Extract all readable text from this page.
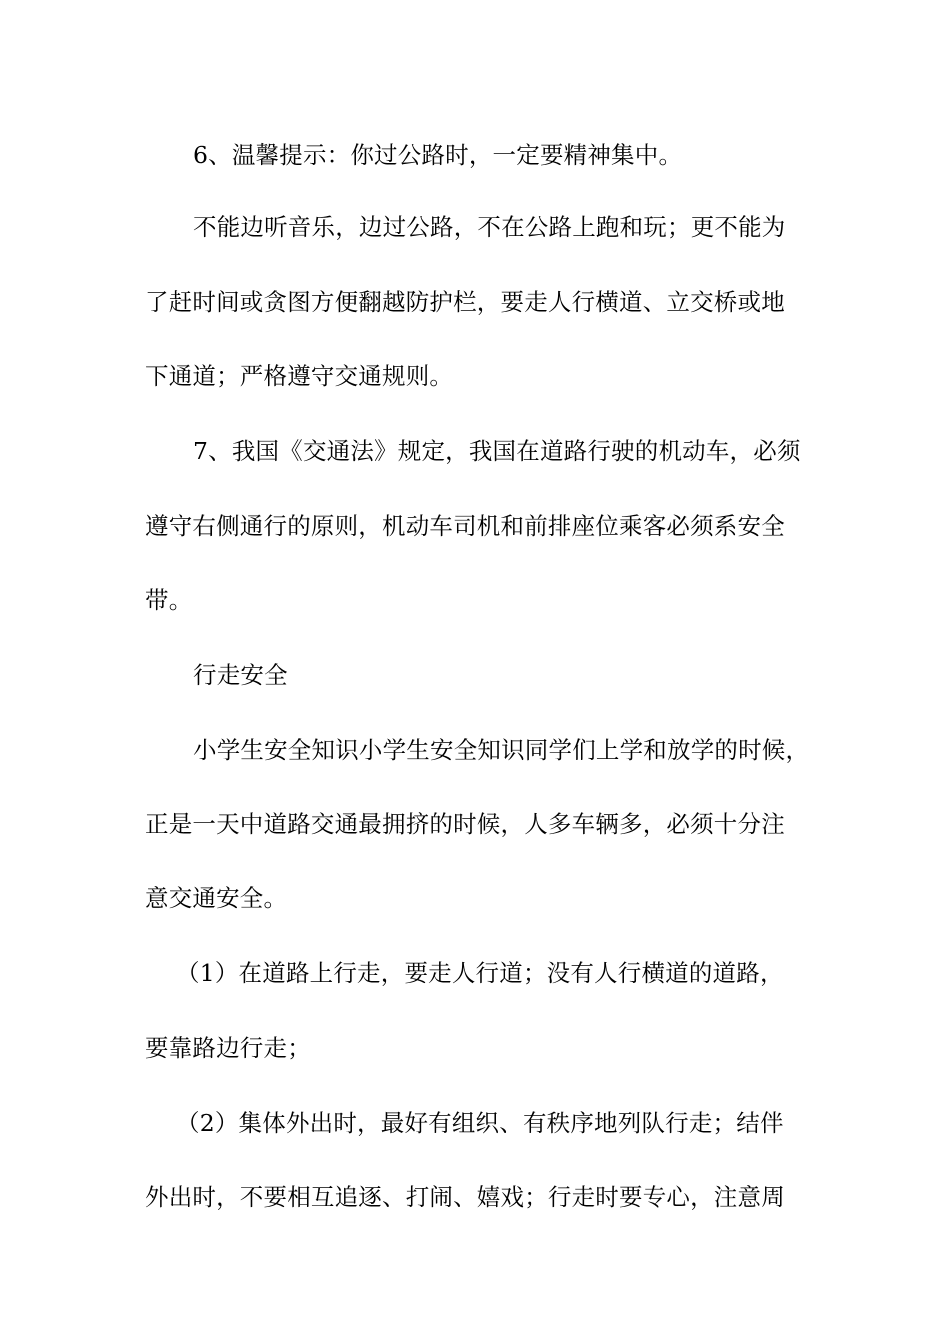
6、温馨提示：你过公路时，一定要精神集中。
不能边听音乐，边过公路，不在公路上跑和玩；更不能为
了赶时间或贪图方便翻越防护栏，要走人行横道、立交桥或地
下通道；严格遵守交通规则。
7、我国《交通法》规定，我国在道路行驶的机动车，必须
遵守右侧通行的原则，机动车司机和前排座位乘客必须系安全
带。
行走安全
小学生安全知识小学生安全知识同学们上学和放学的时候，
正是一天中道路交通最拥挤的时候，人多车辆多，必须十分注
意交通安全。
（1）在道路上行走，要走人行道；没有人行横道的道路，
要靠路边行走；
（2）集体外出时，最好有组织、有秩序地列队行走；结伴
外出时，不要相互追逐、打闹、嬉戏；行走时要专心，注意周
